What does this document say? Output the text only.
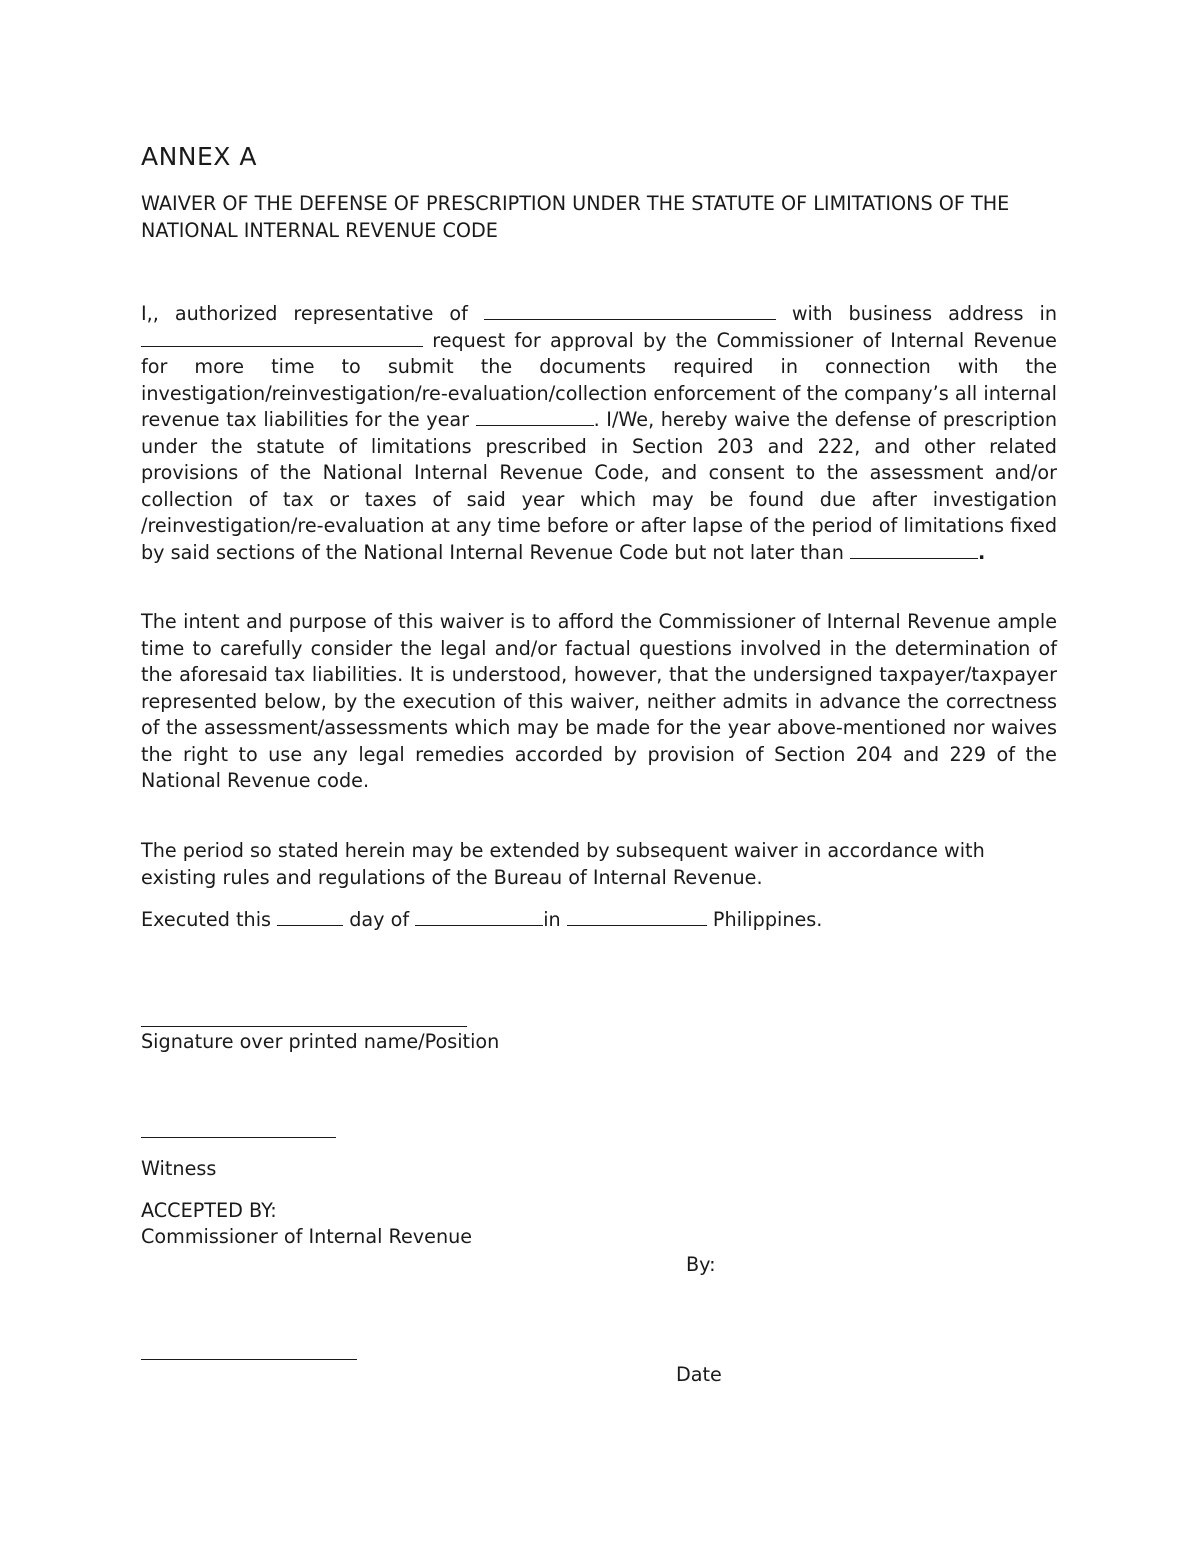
ANNEX A
WAIVER OF THE DEFENSE OF PRESCRIPTION UNDER THE STATUTE OF LIMITATIONS OF THE NATIONAL INTERNAL REVENUE CODE
I,, authorized representative of	with business address in  request for approval by the Commissioner of Internal Revenue for more time to submit the documents required in connection with the investigation/reinvestigation/re-evaluation/collection enforcement of the company’s all internal revenue tax liabilities for the year	. I/We, hereby waive the defense of prescription under the statute of limitations prescribed in Section 203 and 222, and other related provisions of the National Internal Revenue Code, and consent to the assessment and/or collection of tax or taxes of said year which may be found due after investigation /reinvestigation/re-evaluation at any time before or after lapse of the period of limitations fixed by said sections of the National Internal Revenue Code but not later than	.
The intent and purpose of this waiver is to afford the Commissioner of Internal Revenue ample time to carefully consider the legal and/or factual questions involved in the determination of the aforesaid tax liabilities. It is understood, however, that the undersigned taxpayer/taxpayer represented below, by the execution of this waiver, neither admits in advance the correctness of the assessment/assessments which may be made for the year above-mentioned nor waives the right to use any legal remedies accorded by provision of Section 204 and 229 of the National Revenue code.
The period so stated herein may be extended by subsequent waiver in accordance with existing rules and regulations of the Bureau of Internal Revenue.
Executed this	day of	in	Philippines.
Signature over printed name/Position
Witness
ACCEPTED BY:
Commissioner of Internal Revenue
By:
Date
